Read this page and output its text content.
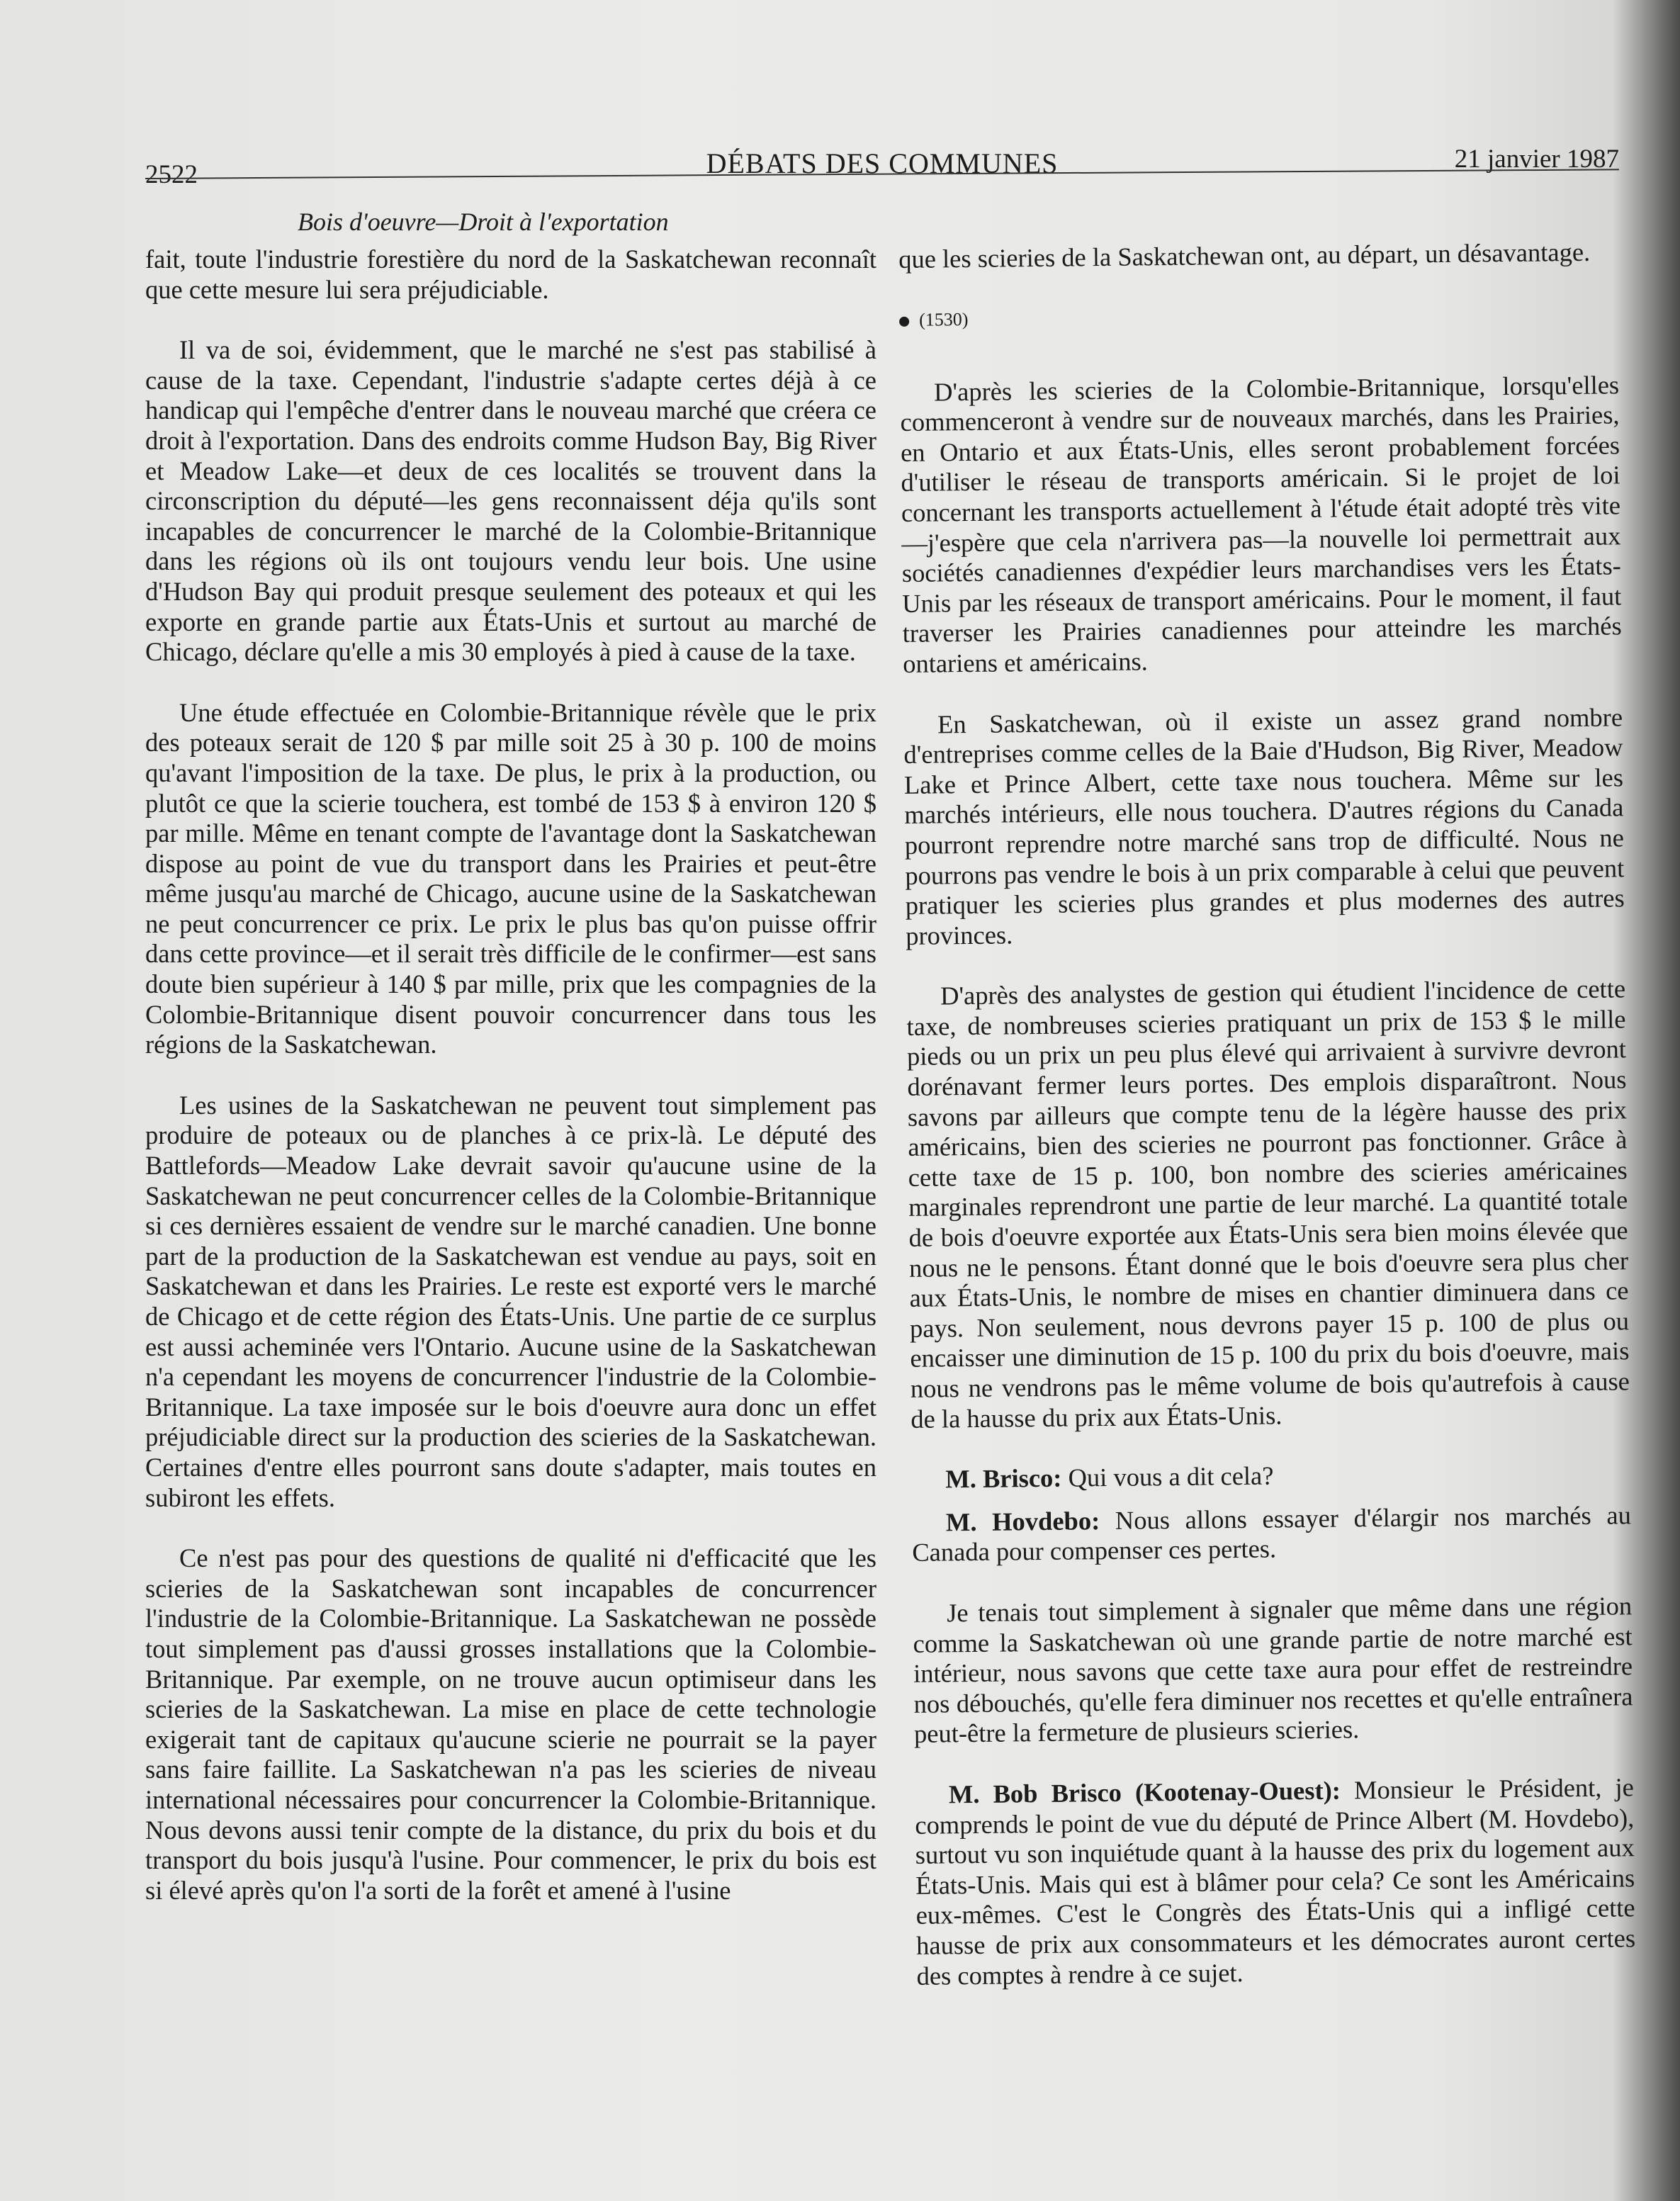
2522	DÉBATS DES COMMUNES	21 janvier 1987
Bois d'oeuvre—Droit à l'exportation

fait, toute l'industrie forestière du nord de la Saskatchewan reconnaît que cette mesure lui sera préjudiciable.

Il va de soi, évidemment, que le marché ne s'est pas stabilisé à cause de la taxe. Cependant, l'industrie s'adapte certes déjà à ce handicap qui l'empêche d'entrer dans le nouveau marché que créera ce droit à l'exportation. Dans des endroits comme Hudson Bay, Big River et Meadow Lake—et deux de ces localités se trouvent dans la circonscription du député—les gens reconnaissent déja qu'ils sont incapables de concurrencer le marché de la Colombie-Britannique dans les régions où ils ont toujours vendu leur bois. Une usine d'Hudson Bay qui produit presque seulement des poteaux et qui les exporte en grande partie aux États-Unis et surtout au marché de Chicago, déclare qu'elle a mis 30 employés à pied à cause de la taxe.

Une étude effectuée en Colombie-Britannique révèle que le prix des poteaux serait de 120 $ par mille soit 25 à 30 p. 100 de moins qu'avant l'imposition de la taxe. De plus, le prix à la production, ou plutôt ce que la scierie touchera, est tombé de 153 $ à environ 120 $ par mille. Même en tenant compte de l'avantage dont la Saskatchewan dispose au point de vue du transport dans les Prairies et peut-être même jusqu'au marché de Chicago, aucune usine de la Saskatchewan ne peut concurrencer ce prix. Le prix le plus bas qu'on puisse offrir dans cette province—et il serait très difficile de le confirmer—est sans doute bien supérieur à 140 $ par mille, prix que les compagnies de la Colombie-Britannique disent pouvoir concurrencer dans tous les régions de la Saskatchewan.

Les usines de la Saskatchewan ne peuvent tout simplement pas produire de poteaux ou de planches à ce prix-là. Le député des Battlefords—Meadow Lake devrait savoir qu'aucune usine de la Saskatchewan ne peut concurrencer celles de la Colombie-Britannique si ces dernières essaient de vendre sur le marché canadien. Une bonne part de la production de la Saskatchewan est vendue au pays, soit en Saskatchewan et dans les Prairies. Le reste est exporté vers le marché de Chicago et de cette région des États-Unis. Une partie de ce surplus est aussi acheminée vers l'Ontario. Aucune usine de la Saskatchewan n'a cependant les moyens de concurrencer l'industrie de la Colombie-Britannique. La taxe imposée sur le bois d'oeuvre aura donc un effet préjudiciable direct sur la production des scieries de la Saskatchewan. Certaines d'entre elles pourront sans doute s'adapter, mais toutes en subiront les effets.

Ce n'est pas pour des questions de qualité ni d'efficacité que les scieries de la Saskatchewan sont incapables de concurrencer l'industrie de la Colombie-Britannique. La Saskatchewan ne possède tout simplement pas d'aussi grosses installations que la Colombie-Britannique. Par exemple, on ne trouve aucun optimiseur dans les scieries de la Saskatchewan. La mise en place de cette technologie exigerait tant de capitaux qu'aucune scierie ne pourrait se la payer sans faire faillite. La Saskatchewan n'a pas les scieries de niveau international nécessaires pour concurrencer la Colombie-Britannique. Nous devons aussi tenir compte de la distance, du prix du bois et du transport du bois jusqu'à l'usine. Pour commencer, le prix du bois est si élevé après qu'on l'a sorti de la forêt et amené à l'usine

que les scieries de la Saskatchewan ont, au départ, un désavantage.

(1530)

D'après les scieries de la Colombie-Britannique, lorsqu'elles commenceront à vendre sur de nouveaux marchés, dans les Prairies, en Ontario et aux États-Unis, elles seront probablement forcées d'utiliser le réseau de transports américain. Si le projet de loi concernant les transports actuellement à l'étude était adopté très vite—j'espère que cela n'arrivera pas—la nouvelle loi permettrait aux sociétés canadiennes d'expédier leurs marchandises vers les États-Unis par les réseaux de transport américains. Pour le moment, il faut traverser les Prairies canadiennes pour atteindre les marchés ontariens et américains.

En Saskatchewan, où il existe un assez grand nombre d'entreprises comme celles de la Baie d'Hudson, Big River, Meadow Lake et Prince Albert, cette taxe nous touchera. Même sur les marchés intérieurs, elle nous touchera. D'autres régions du Canada pourront reprendre notre marché sans trop de difficulté. Nous ne pourrons pas vendre le bois à un prix comparable à celui que peuvent pratiquer les scieries plus grandes et plus modernes des autres provinces.

D'après des analystes de gestion qui étudient l'incidence de cette taxe, de nombreuses scieries pratiquant un prix de 153 $ le mille pieds ou un prix un peu plus élevé qui arrivaient à survivre devront dorénavant fermer leurs portes. Des emplois disparaîtront. Nous savons par ailleurs que compte tenu de la légère hausse des prix américains, bien des scieries ne pourront pas fonctionner. Grâce à cette taxe de 15 p. 100, bon nombre des scieries américaines marginales reprendront une partie de leur marché. La quantité totale de bois d'oeuvre exportée aux États-Unis sera bien moins élevée que nous ne le pensons. Étant donné que le bois d'oeuvre sera plus cher aux États-Unis, le nombre de mises en chantier diminuera dans ce pays. Non seulement, nous devrons payer 15 p. 100 de plus ou encaisser une diminution de 15 p. 100 du prix du bois d'oeuvre, mais nous ne vendrons pas le même volume de bois qu'autrefois à cause de la hausse du prix aux États-Unis.

M. Brisco: Qui vous a dit cela?

M. Hovdebo: Nous allons essayer d'élargir nos marchés au Canada pour compenser ces pertes.

Je tenais tout simplement à signaler que même dans une région comme la Saskatchewan où une grande partie de notre marché est intérieur, nous savons que cette taxe aura pour effet de restreindre nos débouchés, qu'elle fera diminuer nos recettes et qu'elle entraînera peut-être la fermeture de plusieurs scieries.

M. Bob Brisco (Kootenay-Ouest): Monsieur le Président, je comprends le point de vue du député de Prince Albert (M. Hovdebo), surtout vu son inquiétude quant à la hausse des prix du logement aux États-Unis. Mais qui est à blâmer pour cela? Ce sont les Américains eux-mêmes. C'est le Congrès des États-Unis qui a infligé cette hausse de prix aux consommateurs et les démocrates auront certes des comptes à rendre à ce sujet.
